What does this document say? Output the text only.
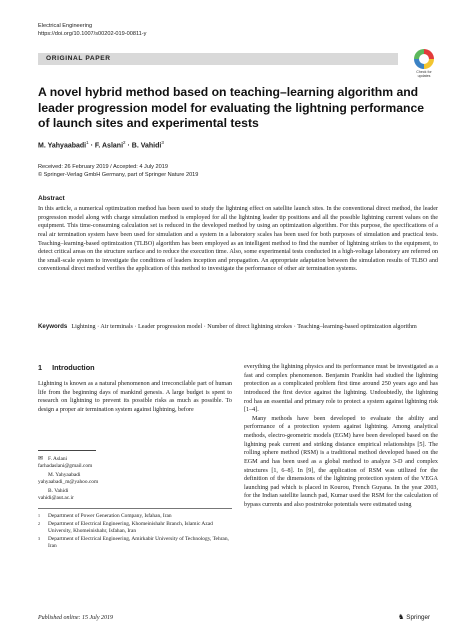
Electrical Engineering
https://doi.org/10.1007/s00202-019-00811-y
ORIGINAL PAPER
Check for
updates
A novel hybrid method based on teaching–learning algorithm and leader progression model for evaluating the lightning performance of launch sites and experimental tests
M. Yahyaabadi$^1$ · F. Aslani$^2$ · B. Vahidi$^3$
Received: 26 February 2019 / Accepted: 4 July 2019
© Springer-Verlag GmbH Germany, part of Springer Nature 2019
Abstract

In this article, a numerical optimization method has been used to study the lightning effect on satellite launch sites. In the conventional direct method, the leader progression model along with charge simulation method is employed for all the lightning leader tip positions and all the possible lightning current values on the equipment. This time-consuming calculation set is reduced in the developed method by using an optimization algorithm. For this purpose, the specifications of a real air termination system have been used for simulation and a system in a laboratory scales has been used for both purposes of simulation and practical tests. Teaching–learning-based optimization (TLBO) algorithm has been employed as an intelligent method to find the number of lightning strikes to the equipment, to detect critical areas on the structure surface and to reduce the execution time. Also, some experimental tests conducted in a high-voltage laboratory are referred on the small-scale system to investigate the conditions of leaders inception and propagation. An appropriate adaptation between the simulation results of TLBO and conventional direct method verifies the application of this method to investigate the performance of other air termination systems.

Keywords Lightning · Air terminals · Leader progression model · Number of direct lightning strokes · Teaching–learning-based optimization algorithm
1 Introduction

Lightning is known as a natural phenomenon and irreconcilable part of human life from the beginning days of mankind genesis. A large budget is spent to research on lightning to prevent its possible risks as much as possible. To design a proper air termination system against lightning, before

everything the lightning physics and its performance must be investigated as a fast and complex phenomenon. Benjamin Franklin had studied the lightning protection as a complicated problem first time around 250 years ago and has introduced the first device against the lightning. Undoubtedly, the lightning rod has an essential and primary role to protect a system against lightning risk [1–4].

Many methods have been developed to evaluate the ability and performance of a protection system against lightning. Among analytical methods, electro-geometric models (EGM) have been developed based on the lightning peak current and striking distance empirical relationships [5]. The rolling sphere method (RSM) is a traditional method developed based on the EGM and has been used as a global method to analyze 3-D and complex structures [1, 6–8]. In [9], the application of RSM was utilized for the definition of the dimensions of the lightning protection system of the VEGA launching pad which is placed in Kourou, French Guyana. In the year 2003, for the Indian satellite launch pad, Kumar used the RSM for the calculation of bypass currents and also postrstroke potentials were estimated using

✉ F. Aslani
farhadaslani@gmail.com
M. Yahyaabadi
yahyaabadi_m@yahoo.com
B. Vahidi
vahidi@aut.ac.ir
1	Department of Power Generation Company, Isfahan, Iran
2	Department of Electrical Engineering, Khomeinishahr Branch, Islamic Azad University, Khomeinishahr, Isfahan, Iran
3	Department of Electrical Engineering, Amirkabir University of Technology, Tehran, Iran
Published online: 15 July 2019	♞ Springer
